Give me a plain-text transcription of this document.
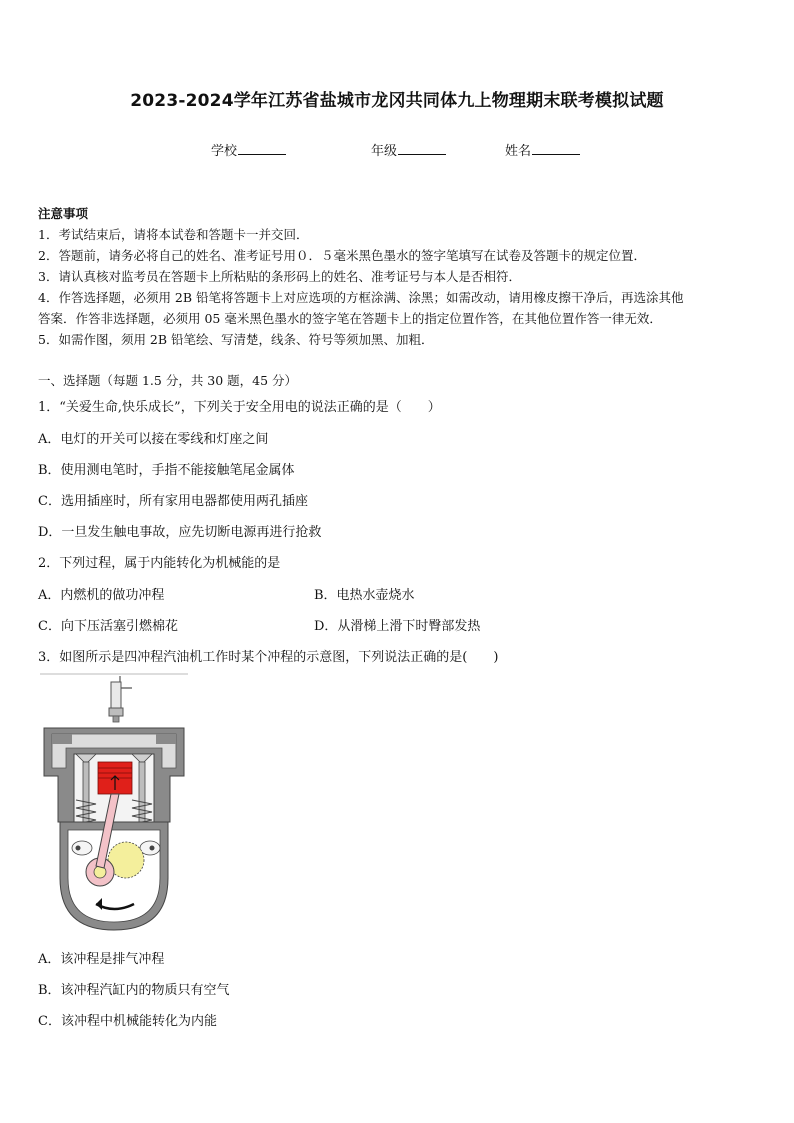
2023-2024学年江苏省盐城市龙冈共同体九上物理期末联考模拟试题
学校	年级	姓名
注意事项
1．考试结束后，请将本试卷和答题卡一并交回．
2．答题前，请务必将自己的姓名、准考证号用０．５毫米黑色墨水的签字笔填写在试卷及答题卡的规定位置．
3．请认真核对监考员在答题卡上所粘贴的条形码上的姓名、准考证号与本人是否相符．
4．作答选择题，必须用 2B 铅笔将答题卡上对应选项的方框涂满、涂黑；如需改动，请用橡皮擦干净后，再选涂其他
答案．作答非选择题，必须用 05 毫米黑色墨水的签字笔在答题卡上的指定位置作答，在其他位置作答一律无效．
5．如需作图，须用 2B 铅笔绘、写清楚，线条、符号等须加黑、加粗．
一、选择题（每题 1.5 分，共 30 题，45 分）
1．“关爱生命,快乐成长”，下列关于安全用电的说法正确的是（　　）
A．电灯的开关可以接在零线和灯座之间
B．使用测电笔时，手指不能接触笔尾金属体
C．选用插座时，所有家用电器都使用两孔插座
D．一旦发生触电事故，应先切断电源再进行抢救
2．下列过程，属于内能转化为机械能的是
A．内燃机的做功冲程	B．电热水壶烧水
C．向下压活塞引燃棉花	D．从滑梯上滑下时臀部发热
3．如图所示是四冲程汽油机工作时某个冲程的示意图，下列说法正确的是(　　)
A．该冲程是排气冲程
B．该冲程汽缸内的物质只有空气
C．该冲程中机械能转化为内能
